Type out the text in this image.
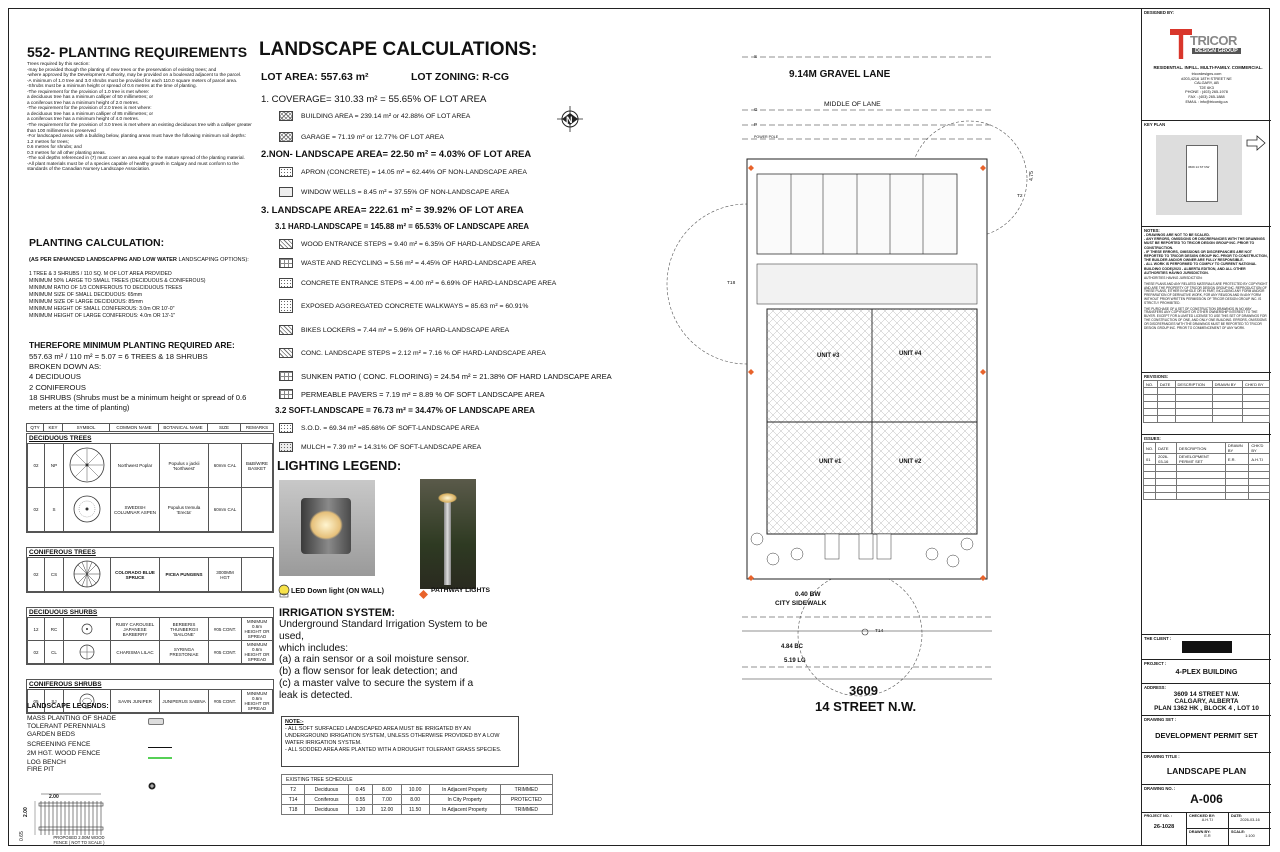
552- PLANTING REQUIREMENTS
Trees required by this section:
-may be provided though the planting of new trees or the preservation of existing trees; and
-where approved by the Development Authority, may be provided on a boulevard adjacent to the parcel.
-A minimum of 1.0 tree and 3.0 shrubs must be provided for each 110.0 square meters of parcel area.
-Shrubs must be a minimum height or spread of 0.6 metres at the time of planting.
-The requirement for the provision of 1.0 tree is met where:
a deciduous tree has a minimum calliper of 50 millimetres; or
a coniferous tree has a minimum height of 2.0 metres.
-The requirement for the provision of 2.0 trees is met where:
a deciduous tree has a minimum calliper of 85 millimetres; or
a coniferous tree has a minimum height of 4.0 metres.
-The requirement for the provision of 3.0 trees is met where an existing deciduous tree with a calliper greater than 100 millimetres is preserved
-For landscaped areas with a building below, planting areas must have the following minimum soil depths:
1.2 metres for trees;
0.6 metres for shrubs; and
0.3 metres for all other planting areas.
-The soil depths referenced in (7) must cover an area equal to the mature spread of the planting material.
-All plant materials must be of a species capable of healthy growth in Calgary and must conform to the standards of the Canadian Nursery Landscape Association.
PLANTING CALCULATION:
(AS PER ENHANCED LANDSCAPING AND LOW WATER LANDSCAPING OPTIONS):
1 TREE & 3 SHRUBS / 110 SQ. M OF LOT AREA PROVIDED
MINIMUM 50% LARGE TO SMALL TREES (DECIDUOUS & CONIFEROUS)
MINIMUM RATIO OF 1/3 CONIFEROUS TO DECIDUOUS TREES
MINIMUM SIZE OF SMALL DECIDUOUS: 65mm
MINIMUM SIZE OF LARGE DECIDUOUS: 85mm
MINIMUM HEIGHT OF SMALL CONIFEROUS: 3.0m OR 10'-0"
MINIMUM HEIGHT OF LARGE CONIFEROUS: 4.0m OR 13'-1"
THEREFORE MINIMUM PLANTING REQUIRED ARE:
557.63 m² / 110 m² = 5.07 = 6 TREES & 18 SHRUBS
BROKEN DOWN AS:
4 DECIDUOUS
2 CONIFEROUS
18 SHRUBS (Shrubs must be a minimum height or spread of 0.6
meters at the time of planting)
QTY	KEY	SYMBOL	COMMON NAME	BOTANICAL NAME	SIZE	REMARKS
DECIDUOUS TREES
02	NP		Northwest Poplar	Populus x jackii 'Northwest'	60mm CAL	B&B/WIRE BASKET
02	S		SWEDISH COLUMNAR ASPEN	Populus tremula 'Erecta'	60mm CAL	
CONIFEROUS TREES
02	CS		COLORADO BLUE SPRUCE	PICEA PUNGENS	3000MM HGT	
DECIDUOUS SHURBS
12	RC		RUBY CAROUSEL JAPANESE BARBERRY	BERBERIS THUNBERGII 'BAILONE'	#05 CONT.	MINIMUM 0.6m HEIGHT OR SPREAD
02	CL		CHARISMA LILAC	SYRINGA PRESTONIAE	#05 CONT.	MINIMUM 0.6m HEIGHT OR SPREAD
CONIFEROUS SHRUBS
05	SJ		SAVIN JUNIPER	JUNIPERUS SABINA	#05 CONT.	MINIMUM 0.6m HEIGHT OR SPREAD
LANDSCAPE LEGENDS:
MASS PLANTING OF SHADE TOLERANT PERENNIALS
GARDEN BEDS
SCREENING FENCE
2M HGT. WOOD FENCE
LOG BENCH
FIRE PIT
2.00
2.00
0.65	PROPOSED 2.00M WOOD FENCE ( NOT TO SCALE )
LANDSCAPE CALCULATIONS:
LOT AREA: 557.63 m²	LOT ZONING: R-CG
1. COVERAGE= 310.33 m² = 55.65% OF LOT AREA
BUILDING AREA = 239.14 m² or 42.88% OF LOT AREA
GARAGE = 71.19 m² or 12.77% OF LOT AREA
2.NON- LANDSCAPE AREA= 22.50 m² = 4.03% OF LOT AREA
APRON (CONCRETE) = 14.05 m² = 62.44% OF NON-LANDSCAPE AREA
WINDOW WELLS = 8.45 m² = 37.55% OF NON-LANDSCAPE AREA
3. LANDSCAPE AREA= 222.61 m² = 39.92% OF LOT AREA
3.1 HARD-LANDSCAPE = 145.88 m² = 65.53% OF LANDSCAPE AREA
WOOD ENTRANCE STEPS = 9.40 m² = 6.35% OF HARD-LANDSCAPE AREA
WASTE AND RECYCLING = 5.56 m² = 4.45% OF HARD-LANDSCAPE AREA
CONCRETE ENTRANCE STEPS = 4.00 m² = 6.69% OF HARD-LANDSCAPE AREA
EXPOSED AGGREGATED CONCRETE WALKWAYS = 85.63 m² = 60.91%
BIKES LOCKERS = 7.44 m² = 5.96% OF HARD-LANDSCAPE AREA
CONC. LANDSCAPE STEPS = 2.12 m² = 7.16 % OF HARD-LANDSCAPE AREA
SUNKEN PATIO ( CONC. FLOORING) = 24.54 m² = 21.38% OF HARD LANDSCAPE AREA
PERMEABLE PAVERS = 7.19 m² = 8.89 % OF SOFT LANDSCAPE AREA
3.2 SOFT-LANDSCAPE = 76.73 m² = 34.47% OF LANDSCAPE AREA
S.O.D. = 69.34 m² =85.68% OF SOFT-LANDSCAPE AREA
MULCH = 7.39 m² = 14.31% OF SOFT-LANDSCAPE AREA
LIGHTING LEGEND:
LED Down light (ON WALL)	PATHWAY LIGHTS
IRRIGATION SYSTEM:
Underground Standard Irrigation System to be
used,
which includes:
(a) a rain sensor or a soil moisture sensor.
(b) a flow sensor for leak detection; and
(c) a master valve to secure the system if a
leak is detected.
NOTE:-
- ALL SOFT SURFACED LANDSCAPED AREA MUST BE IRRIGATED BY AN UNDERGROUND IRRIGATION SYSTEM, UNLESS OTHERWISE PROVIDED BY A LOW WATER IRRIGATION SYSTEM.
- ALL SODDED AREA ARE PLANTED WITH A DROUGHT TOLERANT GRASS SPECIES.
EXISTING TREE SCHEDULE						
T2	Deciduous	0.45	8.00	10.00	In Adjacent Property	TRIMMED
T14	Coniferous	0.55	7.00	8.00	In City Property	PROTECTED
T18	Deciduous	1.20	12.00	11.50	In Adjacent Property	TRIMMED
9.14M GRAVEL LANE
MIDDLE OF LANE
N
S
G
P
POWER POLE
4.75
T2
T18
T14
UNIT #3	UNIT #4
UNIT #1	UNIT #2
0.40 BW
CITY SIDEWALK
4.84 BC
5.19 LG
3609
14 STREET N.W.
DESIGNED BY:
TRICOR
DESIGN GROUP
RESIDENTIAL. INFILL. MULTI-FAMILY. COMMERCIAL.
tricordesigns.com
#203,4216 18TH STREET NE
CALGARY, AB
T2E 6K3
PHONE : (403) 265-1978
FAX : (403) 265-1888
EMAIL : info@tricordg.ca
KEY PLAN
3609 14 ST NW
NOTES:
- DRAWINGS ARE NOT TO BE SCALED.
- ANY ERRORS, OMISSIONS OR DISCREPANCIES WITH THE DRAWINGS MUST BE REPORTED TO TRICOR DESIGN GROUP INC. PRIOR TO CONSTRUCTION.
- IF THESE ERRORS, OMISSIONS OR DISCREPANCIES ARE NOT REPORTED TO TRICOR DESIGN GROUP INC. PRIOR TO CONSTRUCTION, THE BUILDER AND/OR OWNER ARE FULLY RESPONSIBLE.
- ALL WORK IS PERFORMED TO COMPLY TO CURRENT NATIONAL BUILDING CODE(2023 - ALBERTA EDITION, AND ALL OTHER AUTHORITIES HAVING JURISDICTION.
AUTHORITIES HAVING JURISDICTION:
THESE PLANS AND ANY RELATED MATERIALS ARE PROTECTED BY COPYRIGHT AND ARE THE PROPERTY OF TRICOR DESIGN GROUP INC. REPRODUCTION OF THESE PLANS, EITHER IN WHOLE OR IN PART, INCLUDING ANY FORM AND/OR PREPARATION OF DERIVATIVE WORK, FOR ANY REASON AND IN ANY FORM WITHOUT PRIOR WRITTEN PERMISSION OF TRICOR DESIGN GROUP INC. IS STRICTLY PROHIBITED.
THE PURCHASE OF A SET OF CONSTRUCTION DRAWINGS IN NO WAY TRANSFERS ANY COPYRIGHT OR OTHER OWNERSHIP INTEREST TO THE BUYER. EXCEPT FOR A LIMITED LICENSE TO USE THIS SET OF DRAWINGS FOR THE CONSTRUCTION OF ONE, AND ONLY ONE BUILDING. ERRORS, OMISSIONS OR DISCREPANCIES WITH THE DRAWINGS MUST BE REPORTED TO TRICOR DESIGN GROUP INC. PRIOR TO COMMENCEMENT OF ANY WORK.
REVISIONS:
NO.	DATE	DESCRIPTION	DRAWN BY	CHK'D BY

ISSUES:
NO.	DATE	DESCRIPTION	DRAWN BY	CHK'D BY
01	2026-03-16	DEVELOPMENT PERMIT SET	E.R.	A.H.T.I

THE CLIENT :
PROJECT :
4-PLEX BUILDING
ADDRESS:
3609 14 STREET N.W.
CALGARY, ALBERTA
PLAN 1362 HK , BLOCK 4 , LOT 10
DRAWING SET :
DEVELOPMENT PERMIT SET
DRAWING TITLE :
LANDSCAPE PLAN
DRAWING NO. :
A-006
PROJECT NO. :
26-1028
CHECKED BY:
A.H.T.I
DATE:
2026-03-16
DRAWN BY:
E.R
SCALE:
1:100
